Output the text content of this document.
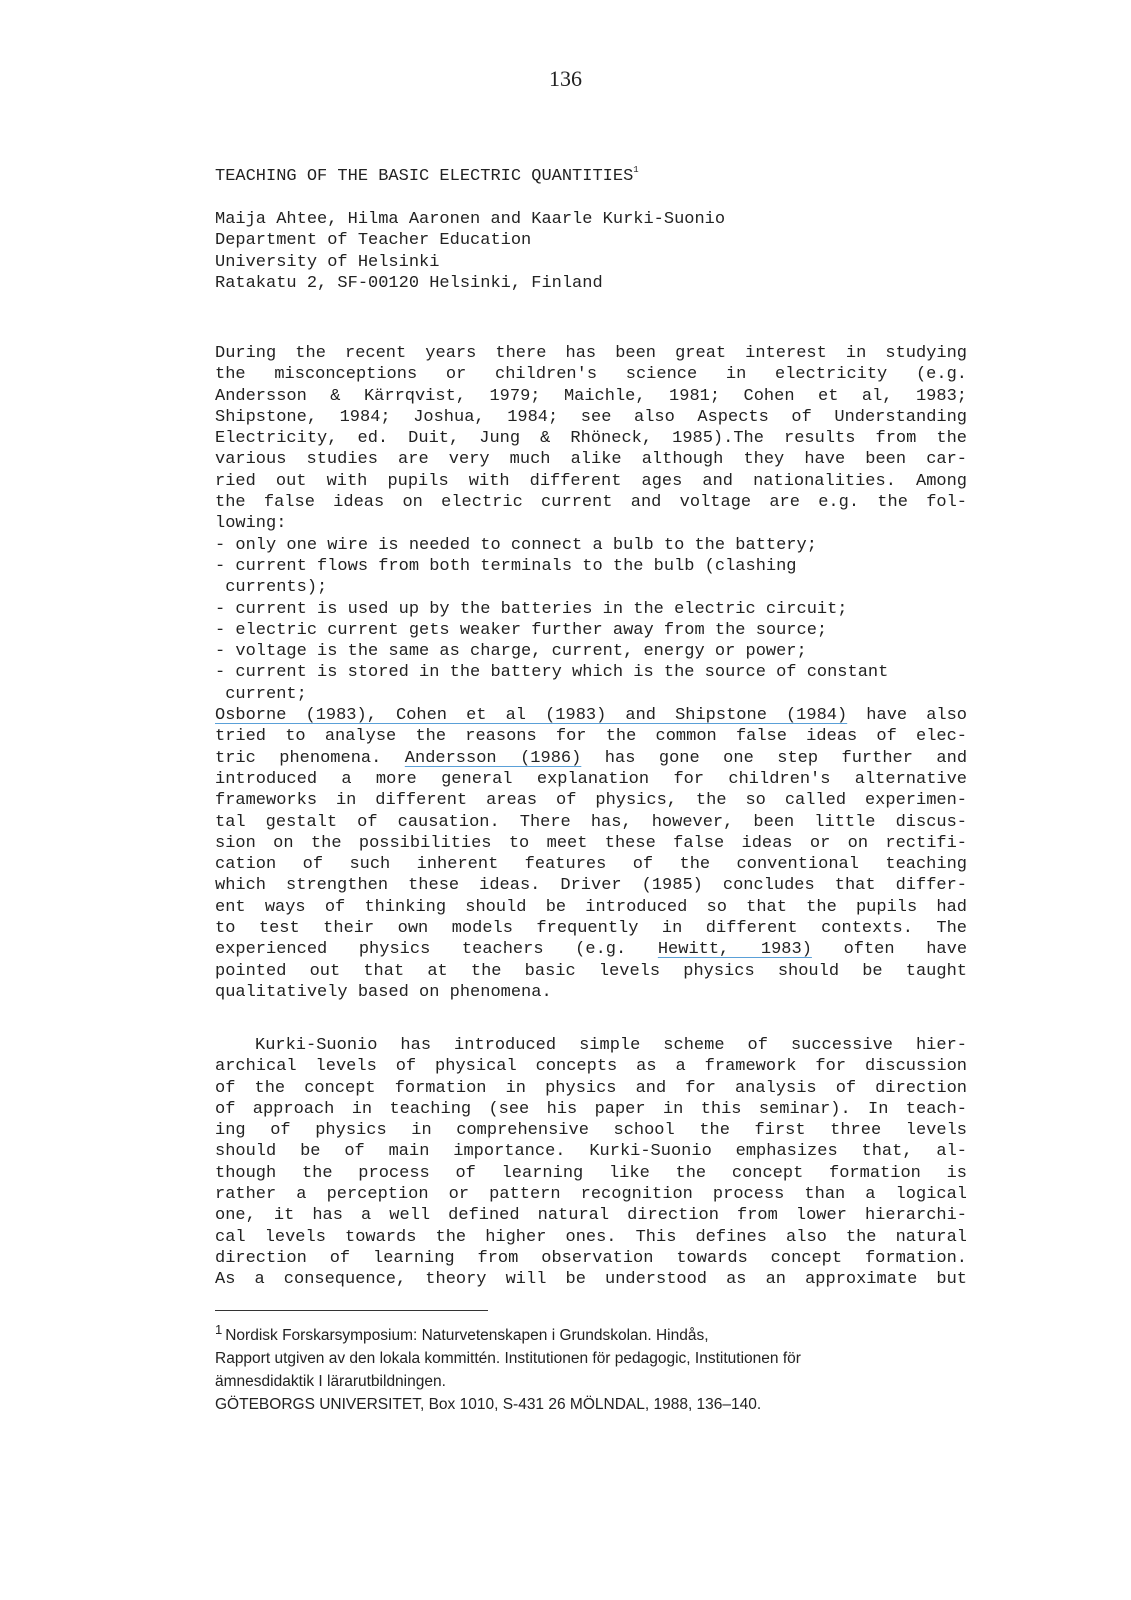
136
TEACHING OF THE BASIC ELECTRIC QUANTITIES$^1$
Maija Ahtee, Hilma Aaronen and Kaarle Kurki-Suonio
Department of Teacher Education
University of Helsinki
Ratakatu 2, SF-00120 Helsinki, Finland
During the recent years there has been great interest in studying
the misconceptions or children's science in electricity (e.g.
Andersson & Kärrqvist, 1979; Maichle, 1981; Cohen et al, 1983;
Shipstone, 1984; Joshua, 1984; see also Aspects of Understanding
Electricity, ed. Duit, Jung & Rhöneck, 1985).The results from the
various studies are very much alike although they have been car-
ried out with pupils with different ages and nationalities. Among
the false ideas on electric current and voltage are e.g. the fol-
lowing:
- only one wire is needed to connect a bulb to the battery;
- current flows from both terminals to the bulb (clashing
currents);
- current is used up by the batteries in the electric circuit;
- electric current gets weaker further away from the source;
- voltage is the same as charge, current, energy or power;
- current is stored in the battery which is the source of constant
current;
Osborne (1983), Cohen et al (1983) and Shipstone (1984) have also
tried to analyse the reasons for the common false ideas of elec-
tric phenomena. Andersson (1986) has gone one step further and
introduced a more general explanation for children's alternative
frameworks in different areas of physics, the so called experimen-
tal gestalt of causation. There has, however, been little discus-
sion on the possibilities to meet these false ideas or on rectifi-
cation of such inherent features of the conventional teaching
which strengthen these ideas. Driver (1985) concludes that differ-
ent ways of thinking should be introduced so that the pupils had
to test their own models frequently in different contexts. The
experienced physics teachers (e.g. Hewitt, 1983) often have
pointed out that at the basic levels physics should be taught
qualitatively based on phenomena.
Kurki-Suonio has introduced simple scheme of successive hier-
archical levels of physical concepts as a framework for discussion
of the concept formation in physics and for analysis of direction
of approach in teaching (see his paper in this seminar). In teach-
ing of physics in comprehensive school the first three levels
should be of main importance. Kurki-Suonio emphasizes that, al-
though the process of learning like the concept formation is
rather a perception or pattern recognition process than a logical
one, it has a well defined natural direction from lower hierarchi-
cal levels towards the higher ones. This defines also the natural
direction of learning from observation towards concept formation.
As a consequence, theory will be understood as an approximate but
$^1$ Nordisk Forskarsymposium: Naturvetenskapen i Grundskolan. Hindås,
Rapport utgiven av den lokala kommittén. Institutionen för pedagogic, Institutionen för
ämnesdidaktik I lärarutbildningen.
GÖTEBORGS UNIVERSITET, Box 1010, S-431 26 MÖLNDAL, 1988, 136–140.
